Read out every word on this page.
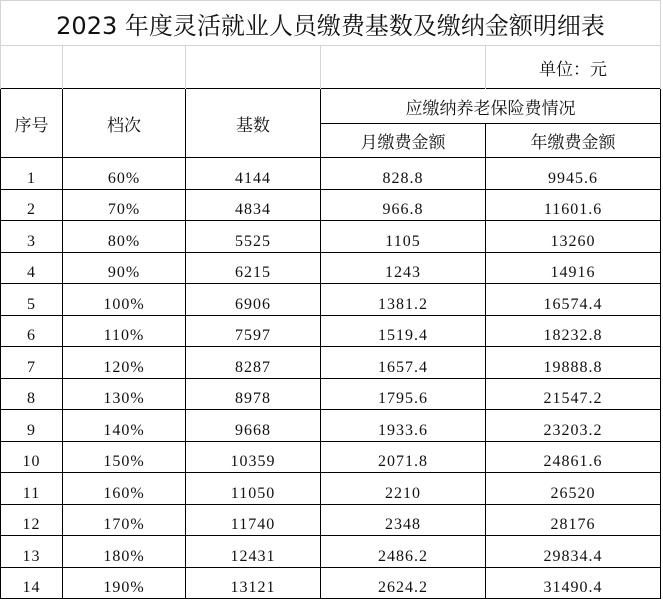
2023 年度灵活就业人员缴费基数及缴纳金额明细表				
				单位：元
序号	档次	基数	应缴纳养老保险费情况	
			月缴费金额	年缴费金额
1	60%	4144	828.8	9945.6
2	70%	4834	966.8	11601.6
3	80%	5525	1105	13260
4	90%	6215	1243	14916
5	100%	6906	1381.2	16574.4
6	110%	7597	1519.4	18232.8
7	120%	8287	1657.4	19888.8
8	130%	8978	1795.6	21547.2
9	140%	9668	1933.6	23203.2
10	150%	10359	2071.8	24861.6
11	160%	11050	2210	26520
12	170%	11740	2348	28176
13	180%	12431	2486.2	29834.4
14	190%	13121	2624.2	31490.4
